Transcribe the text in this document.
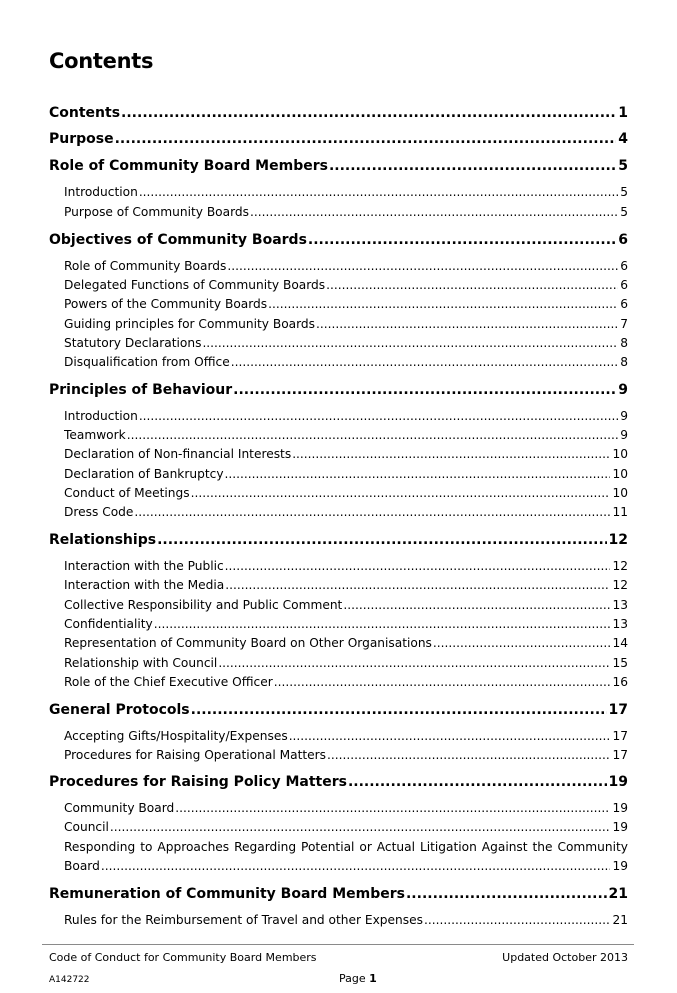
Contents
Contents .....	1
Purpose .....	4
Role of Community Board Members .....	5
Introduction .....	5
Purpose of Community Boards .....	5
Objectives of Community Boards .....	6
Role of Community Boards .....	6
Delegated Functions of Community Boards .....	6
Powers of the Community Boards .....	6
Guiding principles for Community Boards .....	7
Statutory Declarations .....	8
Disqualification from Office .....	8
Principles of Behaviour .....	9
Introduction .....	9
Teamwork .....	9
Declaration of Non-financial Interests .....	10
Declaration of Bankruptcy .....	10
Conduct of Meetings .....	10
Dress Code .....	11
Relationships .....	12
Interaction with the Public .....	12
Interaction with the Media .....	12
Collective Responsibility and Public Comment .....	13
Confidentiality .....	13
Representation of Community Board on Other Organisations .....	14
Relationship with Council .....	15
Role of the Chief Executive Officer .....	16
General Protocols .....	17
Accepting Gifts/Hospitality/Expenses .....	17
Procedures for Raising Operational Matters .....	17
Procedures for Raising Policy Matters .....	19
Community Board .....	19
Council .....	19
Responding to Approaches Regarding Potential or Actual Litigation Against the Community
Board .....	19
Remuneration of Community Board Members .....	21
Rules for the Reimbursement of Travel and other Expenses .....	21
Code of Conduct for Community Board Members	Updated October 2013
A142722	Page 1
